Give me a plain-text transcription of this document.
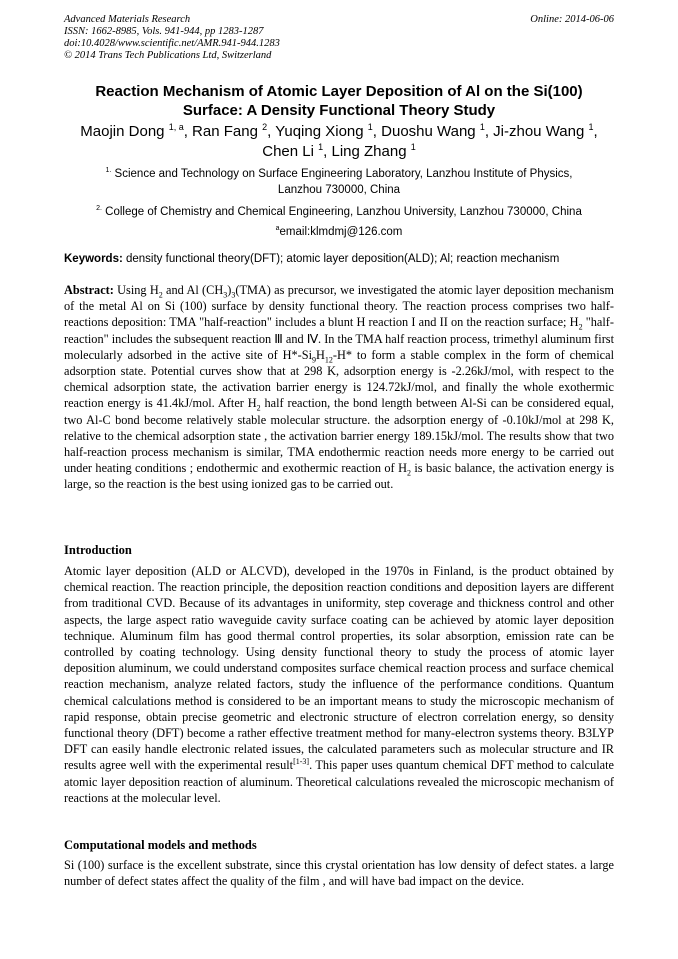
Advanced Materials Research
ISSN: 1662-8985, Vols. 941-944, pp 1283-1287
doi:10.4028/www.scientific.net/AMR.941-944.1283
© 2014 Trans Tech Publications Ltd, Switzerland
Online: 2014-06-06
Reaction Mechanism of Atomic Layer Deposition of Al on the Si(100)
Surface: A Density Functional Theory Study
Maojin Dong $^{1, a}$, Ran Fang $^2$, Yuqing Xiong $^1$, Duoshu Wang $^1$, Ji-zhou Wang $^1$,
Chen Li $^1$, Ling Zhang $^1$
$^{1.}$ Science and Technology on Surface Engineering Laboratory, Lanzhou Institute of Physics,
Lanzhou 730000, China
$^{2.}$ College of Chemistry and Chemical Engineering, Lanzhou University, Lanzhou 730000, China
$^a$email:klmdmj@126.com
Keywords: density functional theory(DFT); atomic layer deposition(ALD); Al; reaction mechanism

Abstract: Using $H_2$ and Al $(CH_3)_3(TMA)$ as precursor, we investigated the atomic layer deposition mechanism of the metal Al on Si (100) surface by density functional theory. The reaction process comprises two half-reactions deposition: TMA "half-reaction" includes a blunt H reaction I and II on the reaction surface; $H_2$ "half-reaction" includes the subsequent reaction Ⅲ and Ⅳ. In the TMA half reaction process, trimethyl aluminum first molecularly adsorbed in the active site of $H*-Si_9H_{12}-H*$ to form a stable complex in the form of chemical adsorption state. Potential curves show that at 298 K, adsorption energy is -2.26kJ/mol, with respect to the chemical adsorption state, the activation barrier energy is 124.72kJ/mol, and finally the whole exothermic reaction energy is 41.4kJ/mol. After $H_2$ half reaction, the bond length between Al-Si can be considered equal, two Al-C bond become relatively stable molecular structure. the adsorption energy of -0.10kJ/mol at 298 K, relative to the chemical adsorption state , the activation barrier energy 189.15kJ/mol. The results show that two half-reaction process mechanism is similar, TMA endothermic reaction needs more energy to be carried out under heating conditions ; endothermic and exothermic reaction of $H_2$ is basic balance, the activation energy is large, so the reaction is the best using ionized gas to be carried out.

Introduction

Atomic layer deposition (ALD or ALCVD), developed in the 1970s in Finland, is the product obtained by chemical reaction. The reaction principle, the deposition reaction conditions and deposition layers are different from traditional CVD. Because of its advantages in uniformity, step coverage and thickness control and other aspects, the large aspect ratio waveguide cavity surface coating can be achieved by atomic layer deposition technique. Aluminum film has good thermal control properties, its solar absorption, emission rate can be controlled by coating technology. Using density functional theory to study the process of atomic layer deposition aluminum, we could understand composites surface chemical reaction process and surface chemical reaction mechanism, analyze related factors, study the influence of the performance conditions. Quantum chemical calculations method is considered to be an important means to study the microscopic mechanism of rapid response, obtain precise geometric and electronic structure of electron correlation energy, so density functional theory (DFT) become a rather effective treatment method for many-electron systems theory. B3LYP DFT can easily handle electronic related issues, the calculated parameters such as molecular structure and IR results agree well with the experimental result[1-3]. This paper uses quantum chemical DFT method to calculate atomic layer deposition reaction of aluminum. Theoretical calculations revealed the microscopic mechanism of reactions at the molecular level.

Computational models and methods
Si (100) surface is the excellent substrate, since this crystal orientation has low density of defect states. a large number of defect states affect the quality of the film , and will have bad impact on the device.
